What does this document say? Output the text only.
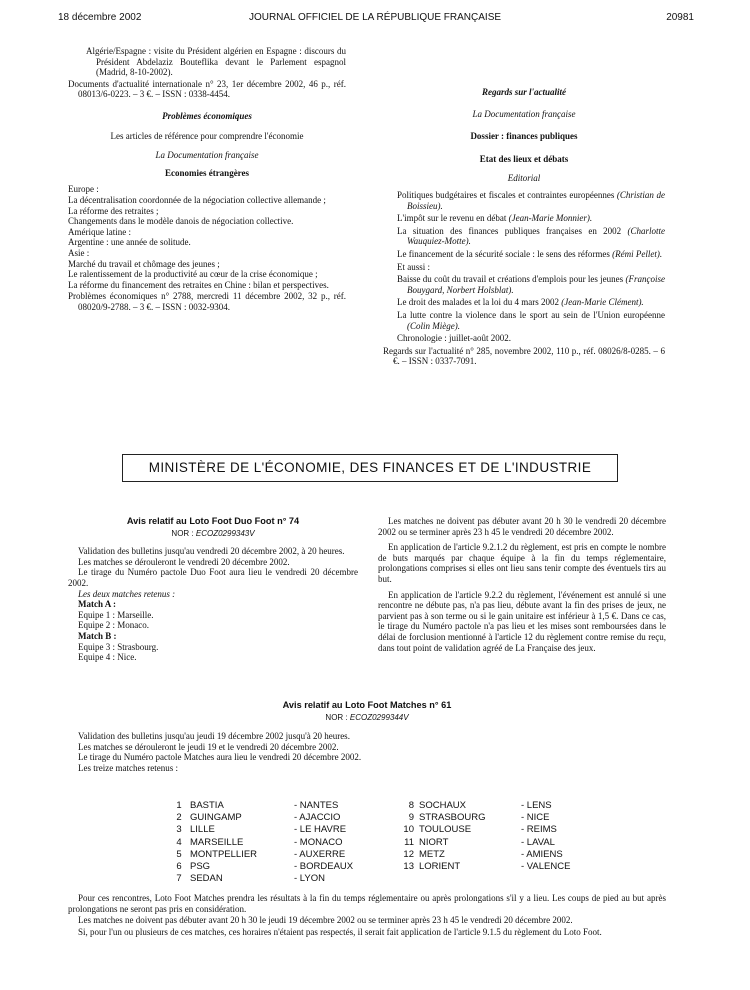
18 décembre 2002	JOURNAL OFFICIEL DE LA RÉPUBLIQUE FRANÇAISE	20981

Algérie/Espagne : visite du Président algérien en Espagne : discours du Président Abdelaziz Bouteflika devant le Parlement espagnol (Madrid, 8-10-2002).

Documents d'actualité internationale n° 23, 1er décembre 2002, 46 p., réf. 08013/6-0223. – 3 €. – ISSN : 0338-4454.

Problèmes économiques

Les articles de référence pour comprendre l'économie

La Documentation française

Economies étrangères

Europe :

La décentralisation coordonnée de la négociation collective allemande ;

La réforme des retraites ;

Changements dans le modèle danois de négociation collective.

Amérique latine :

Argentine : une année de solitude.

Asie :

Marché du travail et chômage des jeunes ;

Le ralentissement de la productivité au cœur de la crise économique ;

La réforme du financement des retraites en Chine : bilan et perspectives.

Problèmes économiques n° 2788, mercredi 11 décembre 2002, 32 p., réf. 08020/9-2788. – 3 €. – ISSN : 0032-9304.

Regards sur l'actualité

La Documentation française

Dossier : finances publiques

Etat des lieux et débats

Editorial

Politiques budgétaires et fiscales et contraintes européennes (Christian de Boissieu).

L'impôt sur le revenu en débat (Jean-Marie Monnier).

La situation des finances publiques françaises en 2002 (Charlotte Wauquiez-Motte).

Le financement de la sécurité sociale : le sens des réformes (Rémi Pellet).

Et aussi :

Baisse du coût du travail et créations d'emplois pour les jeunes (Françoise Bouygard, Norbert Holsblat).

Le droit des malades et la loi du 4 mars 2002 (Jean-Marie Clément).

La lutte contre la violence dans le sport au sein de l'Union européenne (Colin Miège).

Chronologie : juillet-août 2002.

Regards sur l'actualité n° 285, novembre 2002, 110 p., réf. 08026/8-0285. – 6 €. – ISSN : 0337-7091.

MINISTÈRE DE L'ÉCONOMIE, DES FINANCES ET DE L'INDUSTRIE

Avis relatif au Loto Foot Duo Foot n° 74

NOR : ECOZ0299343V

Validation des bulletins jusqu'au vendredi 20 décembre 2002, à 20 heures.

Les matches se dérouleront le vendredi 20 décembre 2002.

Le tirage du Numéro pactole Duo Foot aura lieu le vendredi 20 décembre 2002.

Les deux matches retenus :

Match A :

Equipe 1 : Marseille.

Equipe 2 : Monaco.

Match B :

Equipe 3 : Strasbourg.

Equipe 4 : Nice.

Les matches ne doivent pas débuter avant 20 h 30 le vendredi 20 décembre 2002 ou se terminer après 23 h 45 le vendredi 20 décembre 2002.

En application de l'article 9.2.1.2 du règlement, est pris en compte le nombre de buts marqués par chaque équipe à la fin du temps réglementaire, prolongations comprises si elles ont lieu sans tenir compte des éventuels tirs au but.

En application de l'article 9.2.2 du règlement, l'événement est annulé si une rencontre ne débute pas, n'a pas lieu, débute avant la fin des prises de jeux, ne parvient pas à son terme ou si le gain unitaire est inférieur à 1,5 €. Dans ce cas, le tirage du Numéro pactole n'a pas lieu et les mises sont remboursées dans le délai de forclusion mentionné à l'article 12 du règlement contre remise du reçu, dans tout point de validation agréé de La Française des jeux.

Avis relatif au Loto Foot Matches n° 61

NOR : ECOZ0299344V

Validation des bulletins jusqu'au jeudi 19 décembre 2002 jusqu'à 20 heures.

Les matches se dérouleront le jeudi 19 et le vendredi 20 décembre 2002.

Le tirage du Numéro pactole Matches aura lieu le vendredi 20 décembre 2002.

Les treize matches retenus :

1	BASTIA	- NANTES
2	GUINGAMP	- AJACCIO
3	LILLE	- LE HAVRE
4	MARSEILLE	- MONACO
5	MONTPELLIER	- AUXERRE
6	PSG	- BORDEAUX
7	SEDAN	- LYON
8	SOCHAUX	- LENS
9	STRASBOURG	- NICE
10	TOULOUSE	- REIMS
11	NIORT	- LAVAL
12	METZ	- AMIENS
13	LORIENT	- VALENCE

Pour ces rencontres, Loto Foot Matches prendra les résultats à la fin du temps réglementaire ou après prolongations s'il y a lieu. Les coups de pied au but après prolongations ne seront pas pris en considération.

Les matches ne doivent pas débuter avant 20 h 30 le jeudi 19 décembre 2002 ou se terminer après 23 h 45 le vendredi 20 décembre 2002.

Si, pour l'un ou plusieurs de ces matches, ces horaires n'étaient pas respectés, il serait fait application de l'article 9.1.5 du règlement du Loto Foot.
